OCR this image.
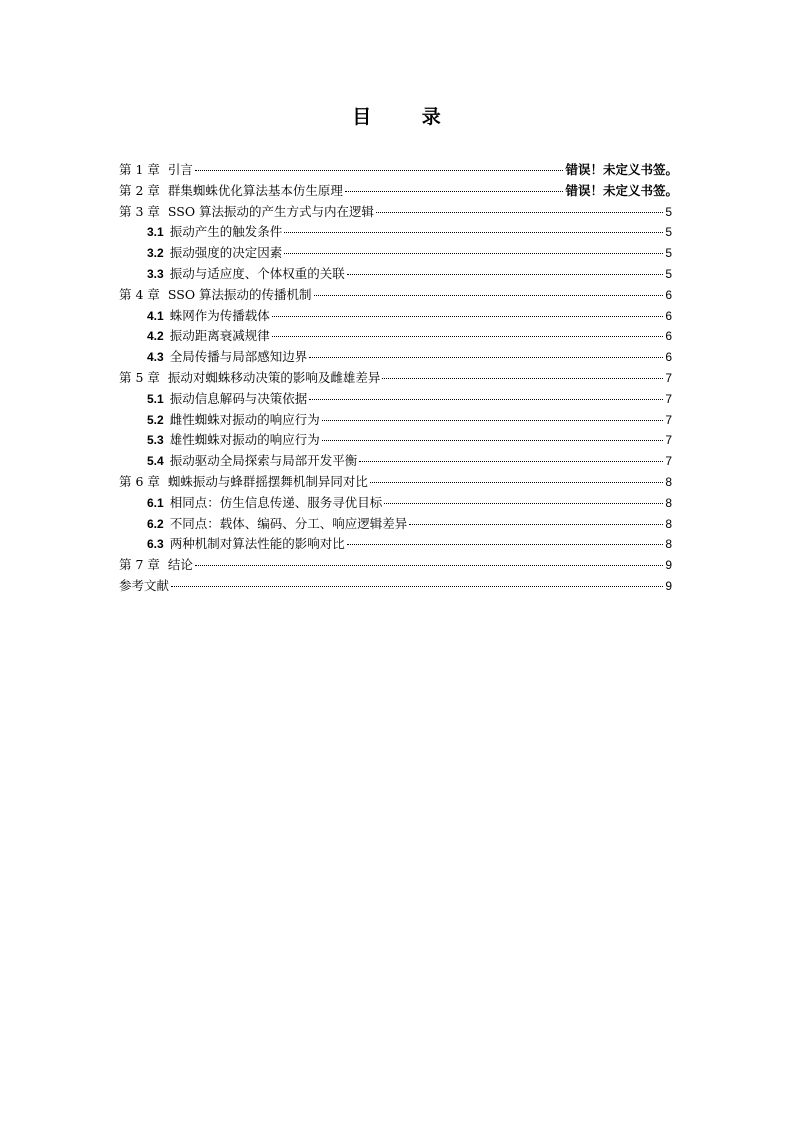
目 录
第 1 章 引言	错误！未定义书签。
第 2 章 群集蜘蛛优化算法基本仿生原理	错误！未定义书签。
第 3 章 SSO 算法振动的产生方式与内在逻辑	5
3.1 振动产生的触发条件	5
3.2 振动强度的决定因素	5
3.3 振动与适应度、个体权重的关联	5
第 4 章 SSO 算法振动的传播机制	6
4.1 蛛网作为传播载体	6
4.2 振动距离衰减规律	6
4.3 全局传播与局部感知边界	6
第 5 章 振动对蜘蛛移动决策的影响及雌雄差异	7
5.1 振动信息解码与决策依据	7
5.2 雌性蜘蛛对振动的响应行为	7
5.3 雄性蜘蛛对振动的响应行为	7
5.4 振动驱动全局探索与局部开发平衡	7
第 6 章 蜘蛛振动与蜂群摇摆舞机制异同对比	8
6.1 相同点：仿生信息传递、服务寻优目标	8
6.2 不同点：载体、编码、分工、响应逻辑差异	8
6.3 两种机制对算法性能的影响对比	8
第 7 章 结论	9
参考文献	9
